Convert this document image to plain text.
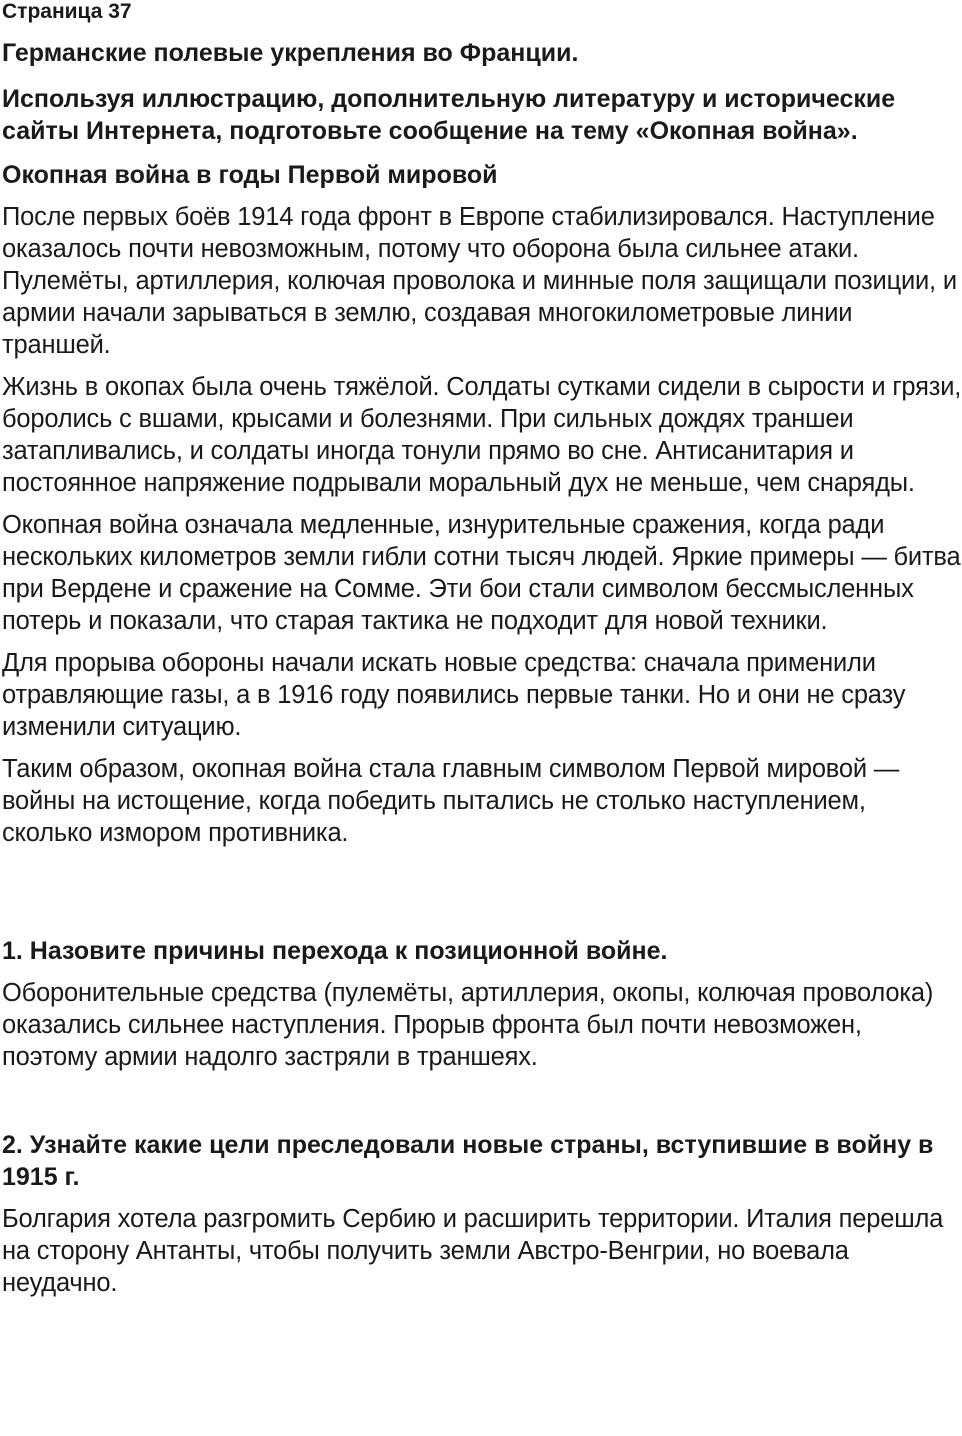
Страница 37
Германские полевые укрепления во Франции.
Используя иллюстрацию, дополнительную литературу и исторические сайты Интернета, подготовьте сообщение на тему «Окопная война».
Окопная война в годы Первой мировой

После первых боёв 1914 года фронт в Европе стабилизировался. Наступление оказалось почти невозможным, потому что оборона была сильнее атаки. Пулемёты, артиллерия, колючая проволока и минные поля защищали позиции, и армии начали зарываться в землю, создавая многокилометровые линии траншей.

Жизнь в окопах была очень тяжёлой. Солдаты сутками сидели в сырости и грязи, боролись с вшами, крысами и болезнями. При сильных дождях траншеи затапливались, и солдаты иногда тонули прямо во сне. Антисанитария и постоянное напряжение подрывали моральный дух не меньше, чем снаряды.

Окопная война означала медленные, изнурительные сражения, когда ради нескольких километров земли гибли сотни тысяч людей. Яркие примеры — битва при Вердене и сражение на Сомме. Эти бои стали символом бессмысленных потерь и показали, что старая тактика не подходит для новой техники.

Для прорыва обороны начали искать новые средства: сначала применили отравляющие газы, а в 1916 году появились первые танки. Но и они не сразу изменили ситуацию.

Таким образом, окопная война стала главным символом Первой мировой — войны на истощение, когда победить пытались не столько наступлением, сколько измором противника.

1. Назовите причины перехода к позиционной войне.

Оборонительные средства (пулемёты, артиллерия, окопы, колючая проволока) оказались сильнее наступления. Прорыв фронта был почти невозможен, поэтому армии надолго застряли в траншеях.

2. Узнайте какие цели преследовали новые страны, вступившие в войну в 1915 г.

Болгария хотела разгромить Сербию и расширить территории. Италия перешла на сторону Антанты, чтобы получить земли Австро-Венгрии, но воевала неудачно.
